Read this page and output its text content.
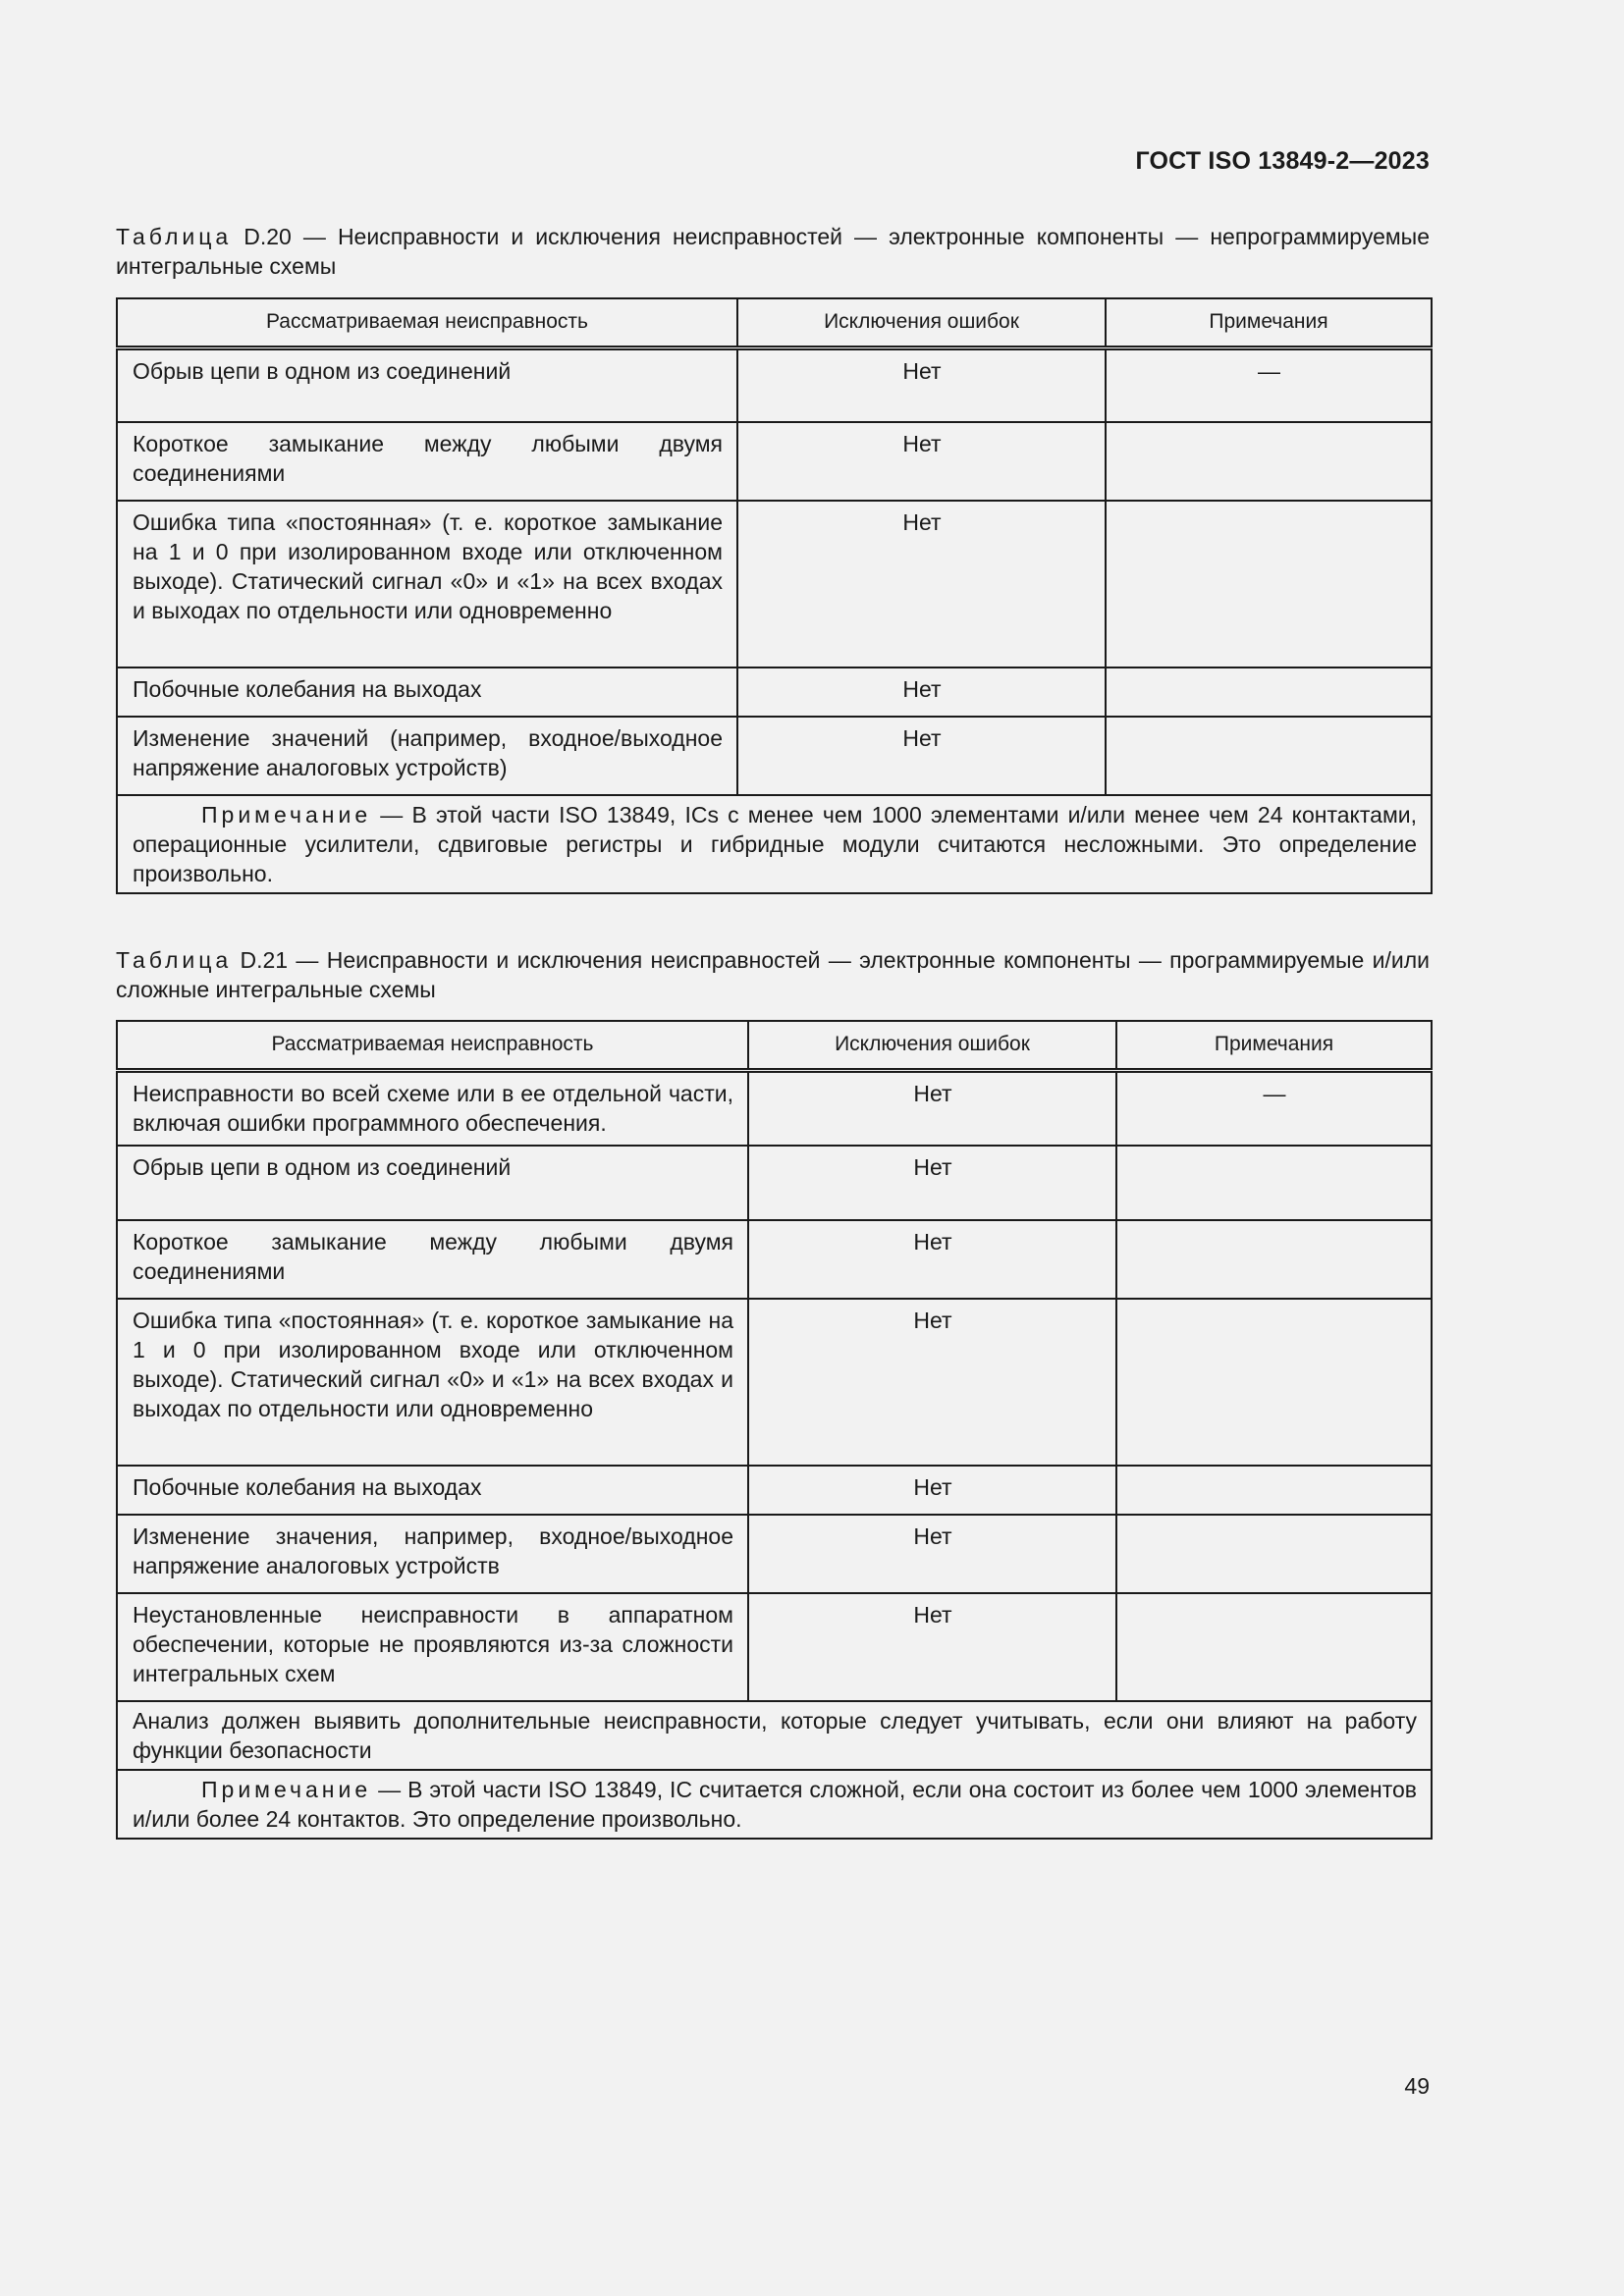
ГОСТ ISO 13849-2—2023
Таблица D.20 — Неисправности и исключения неисправностей — электронные компоненты — непрограммируемые интегральные схемы
Рассматриваемая неисправность	Исключения ошибок	Примечания
Обрыв цепи в одном из соединений	Нет	—
Короткое замыкание между любыми двумя соединениями	Нет	
Ошибка типа «постоянная» (т. е. короткое замыкание на 1 и 0 при изолированном входе или отключенном выходе). Статический сигнал «0» и «1» на всех входах и выходах по отдельности или одновременно	Нет	
Побочные колебания на выходах	Нет	
Изменение значений (например, входное/выходное напряжение аналоговых устройств)	Нет	
Примечание — В этой части ISO 13849, ICs с менее чем 1000 элементами и/или менее чем 24 контактами, операционные усилители, сдвиговые регистры и гибридные модули считаются несложными. Это определение произвольно.		
Таблица D.21 — Неисправности и исключения неисправностей — электронные компоненты — программируемые и/или сложные интегральные схемы
Рассматриваемая неисправность	Исключения ошибок	Примечания
Неисправности во всей схеме или в ее отдельной части, включая ошибки программного обеспечения.	Нет	—
Обрыв цепи в одном из соединений	Нет	
Короткое замыкание между любыми двумя соединениями	Нет	
Ошибка типа «постоянная» (т. е. короткое замыкание на 1 и 0 при изолированном входе или отключенном выходе). Статический сигнал «0» и «1» на всех входах и выходах по отдельности или одновременно	Нет	
Побочные колебания на выходах	Нет	
Изменение значения, например, входное/выходное напряжение аналоговых устройств	Нет	
Неустановленные неисправности в аппаратном обеспечении, которые не проявляются из-за сложности интегральных схем	Нет	
Анализ должен выявить дополнительные неисправности, которые следует учитывать, если они влияют на работу функции безопасности		
Примечание — В этой части ISO 13849, IC считается сложной, если она состоит из более чем 1000 элементов и/или более 24 контактов. Это определение произвольно.		
49
